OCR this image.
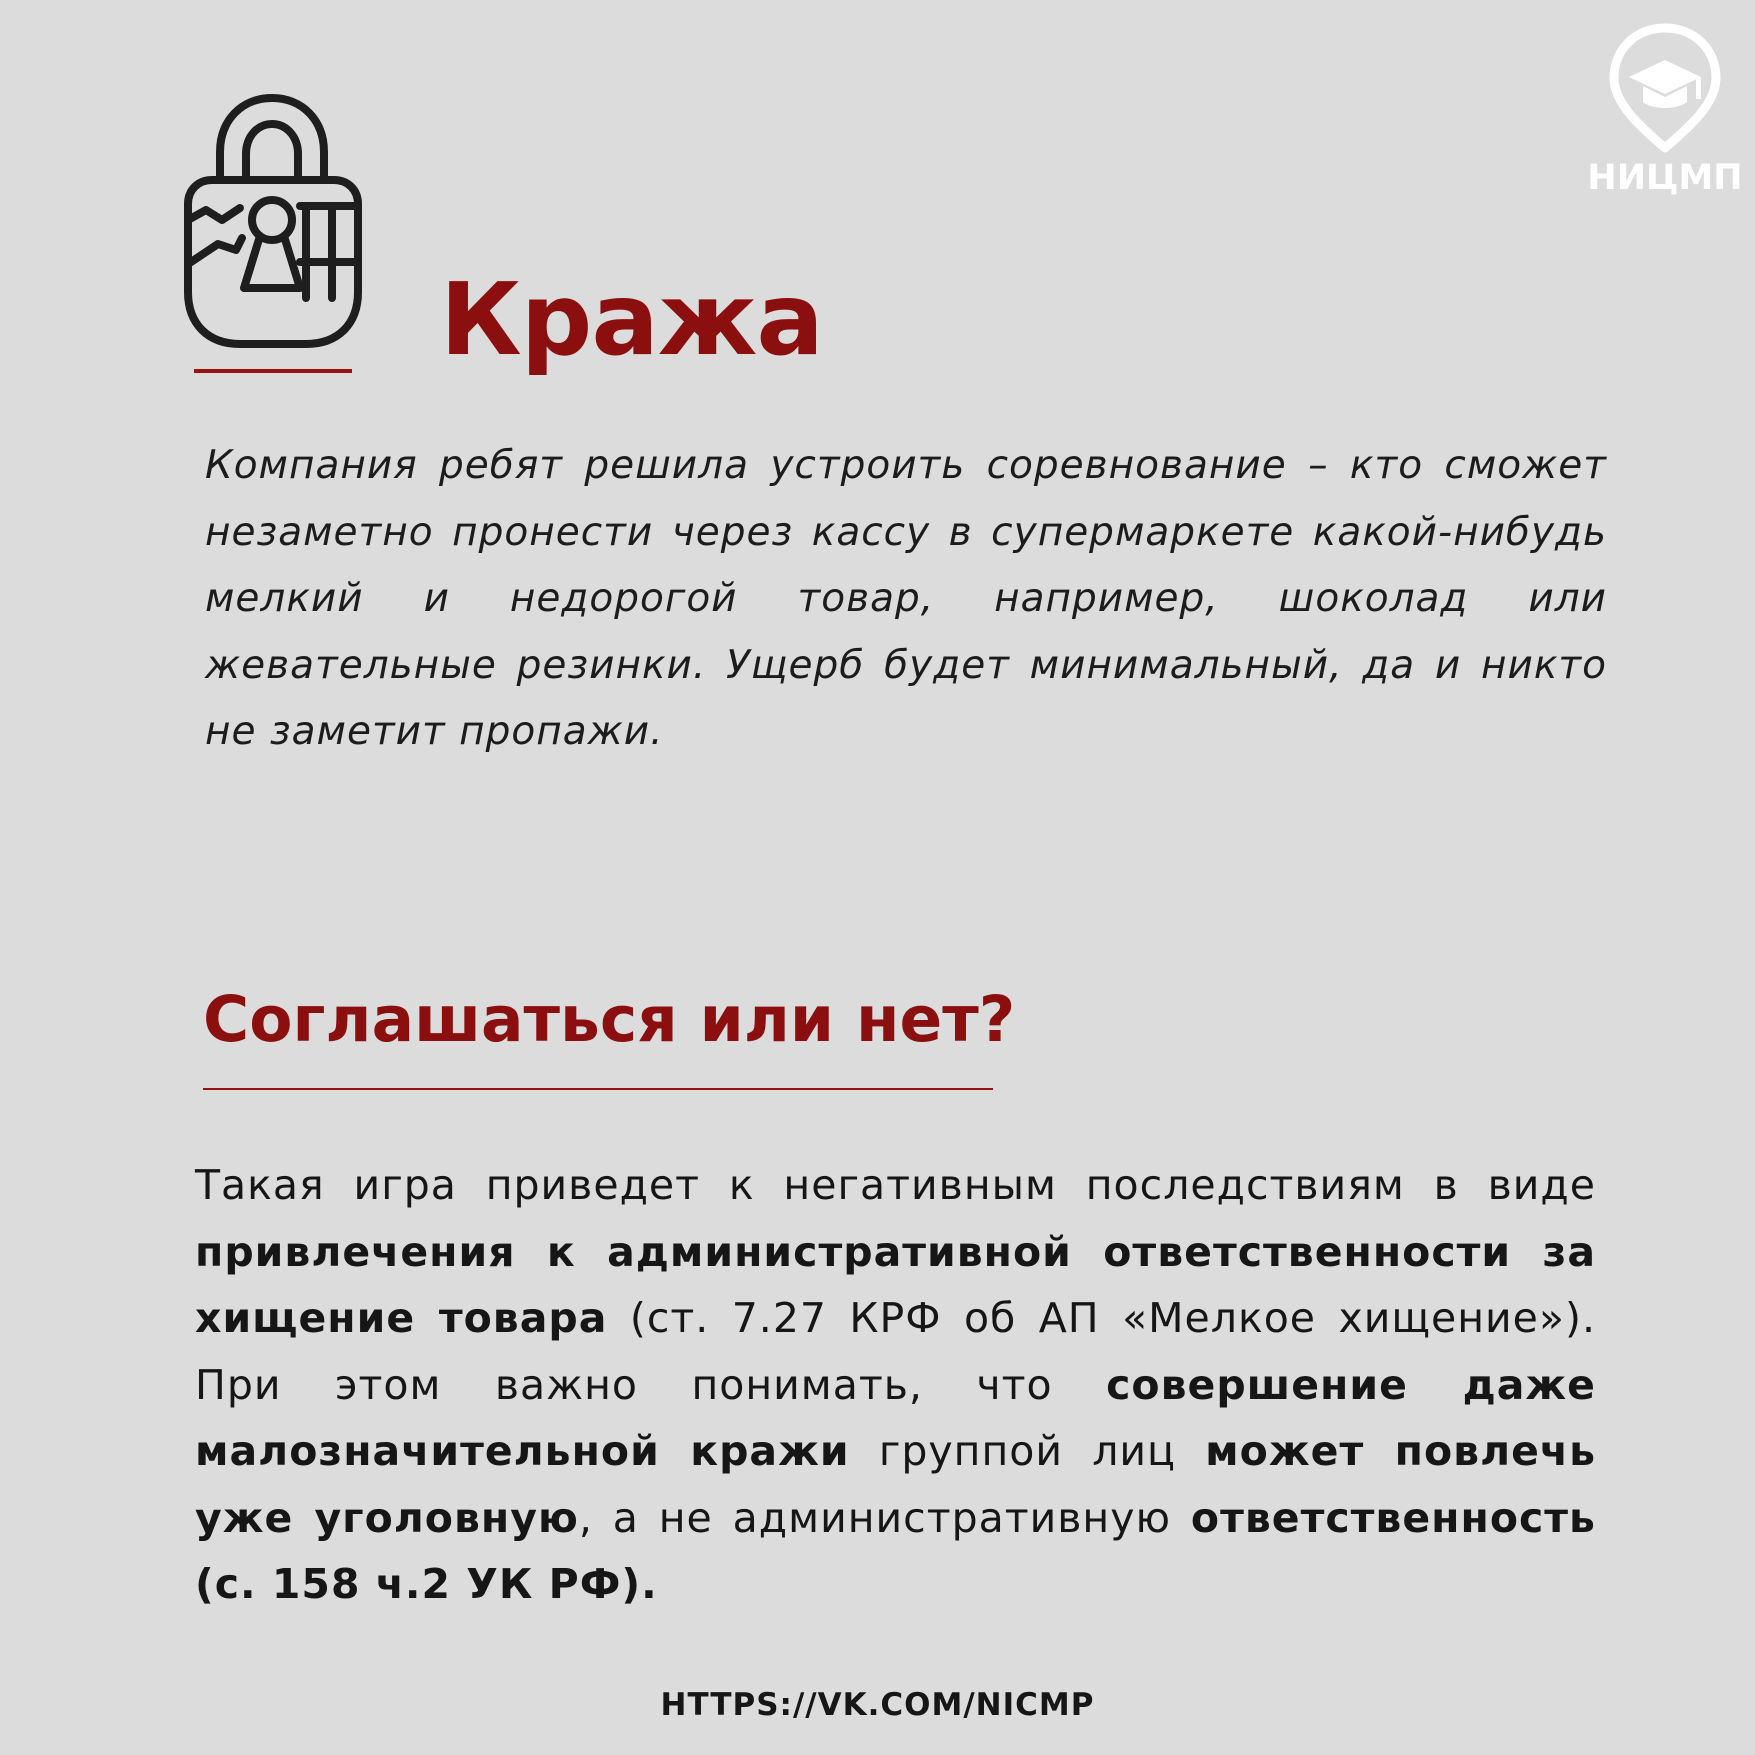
НИЦМП
Кража
Компания ребят решила устроить соревнование – кто сможет незаметно пронести через кассу в супермаркете какой-нибудь мелкий и недорогой товар, например, шоколад или жевательные резинки. Ущерб будет минимальный, да и никто не заметит пропажи.
Соглашаться или нет?
Такая игра приведет к негативным последствиям в виде привлечения к административной ответственности за хищение товара (ст. 7.27 КРФ об АП «Мелкое хищение»). При этом важно понимать, что совершение даже малозначительной кражи группой лиц может повлечь уже уголовную, а не административную ответственность (с. 158 ч.2 УК РФ).
HTTPS://VK.COM/NICMP
